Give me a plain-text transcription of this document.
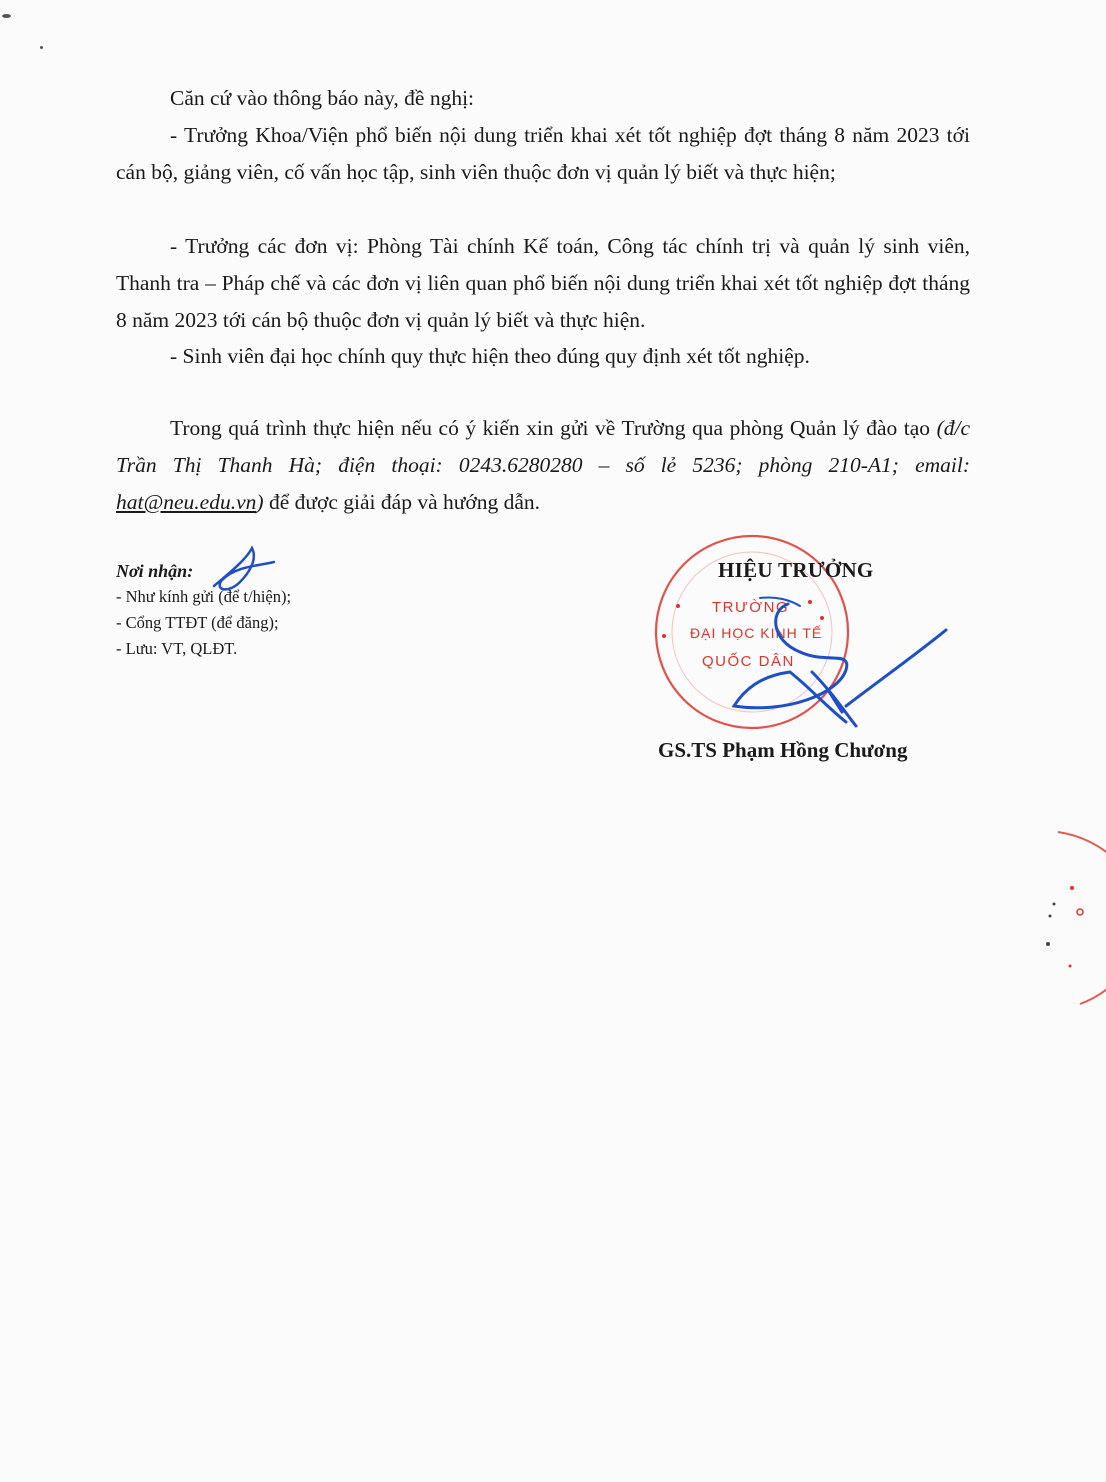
Căn cứ vào thông báo này, đề nghị:

- Trưởng Khoa/Viện phổ biến nội dung triển khai xét tốt nghiệp đợt tháng 8 năm 2023 tới cán bộ, giảng viên, cố vấn học tập, sinh viên thuộc đơn vị quản lý biết và thực hiện;

- Trưởng các đơn vị: Phòng Tài chính Kế toán, Công tác chính trị và quản lý sinh viên, Thanh tra – Pháp chế và các đơn vị liên quan phổ biến nội dung triển khai xét tốt nghiệp đợt tháng 8 năm 2023 tới cán bộ thuộc đơn vị quản lý biết và thực hiện.

- Sinh viên đại học chính quy thực hiện theo đúng quy định xét tốt nghiệp.

Trong quá trình thực hiện nếu có ý kiến xin gửi về Trường qua phòng Quản lý đào tạo (đ/c Trần Thị Thanh Hà; điện thoại: 0243.6280280 – số lẻ 5236; phòng 210-A1; email: hat@neu.edu.vn) để được giải đáp và hướng dẫn.

Nơi nhận:
- Như kính gửi (để t/hiện);
- Cổng TTĐT (để đăng);
- Lưu: VT, QLĐT.
TRƯỜNG
ĐẠI HỌC KINH TẾ
QUỐC DÂN
HIỆU TRƯỞNG
GS.TS Phạm Hồng Chương
